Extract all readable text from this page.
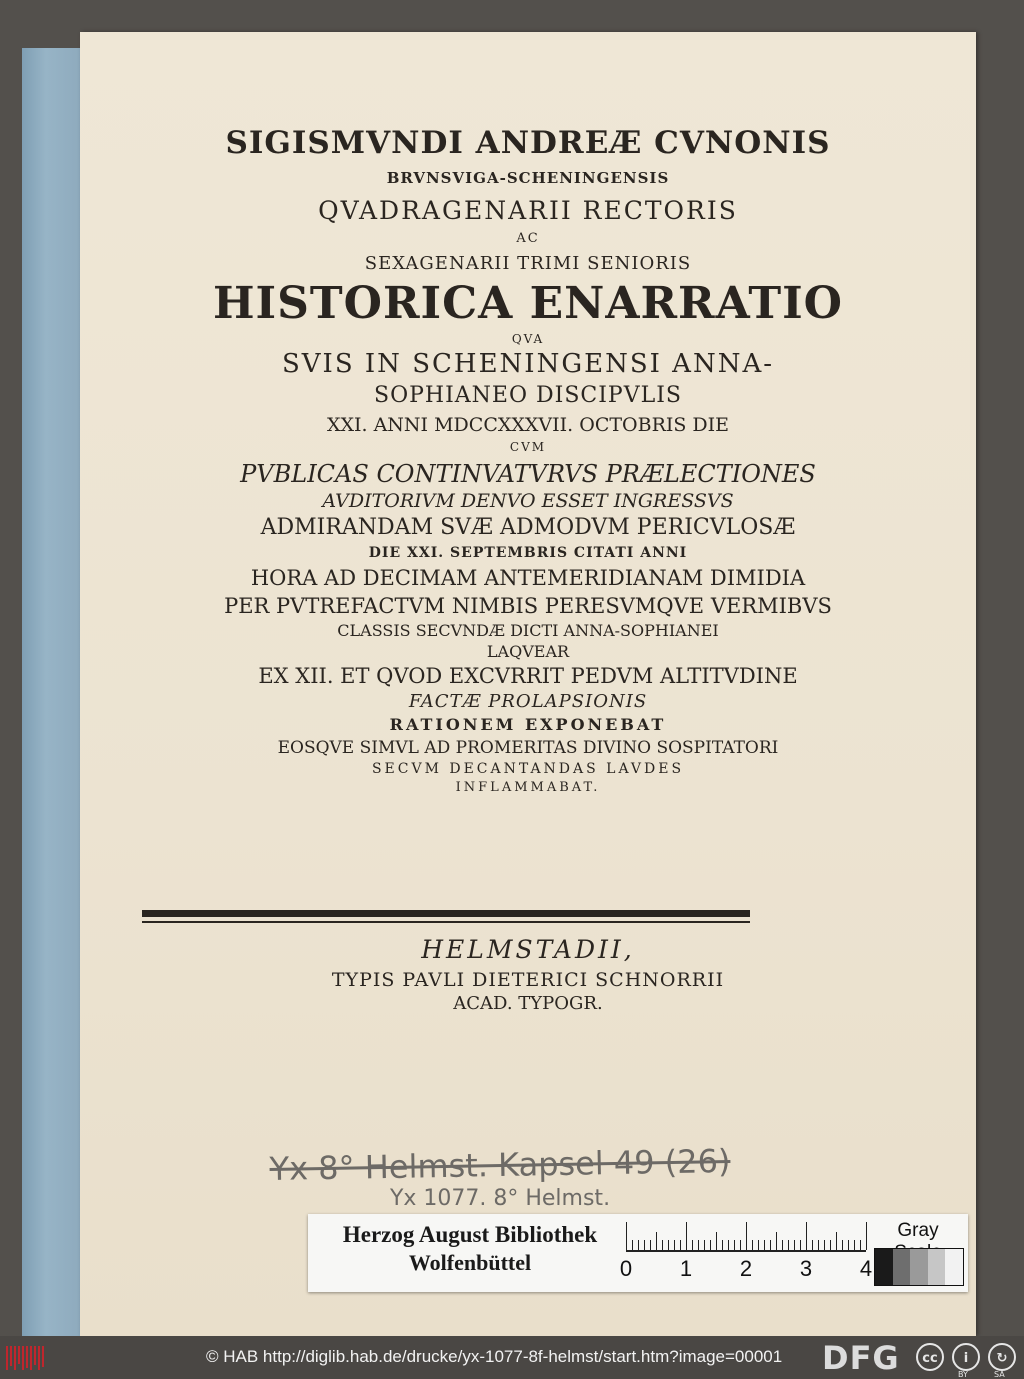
SIGISMVNDI ANDREÆ CVNONIS
BRVNSVIGA-SCHENINGENSIS
QVADRAGENARII RECTORIS
AC
SEXAGENARII TRIMI SENIORIS
HISTORICA ENARRATIO
QVA
SVIS IN SCHENINGENSI ANNA-
SOPHIANEO DISCIPVLIS
XXI. ANNI MDCCXXXVII. OCTOBRIS DIE
CVM
PVBLICAS CONTINVATVRVS PRÆLECTIONES
AVDITORIVM DENVO ESSET INGRESSVS
ADMIRANDAM SVÆ ADMODVM PERICVLOSÆ
DIE XXI. SEPTEMBRIS CITATI ANNI
HORA AD DECIMAM ANTEMERIDIANAM DIMIDIA
PER PVTREFACTVM NIMBIS PERESVMQVE VERMIBVS
CLASSIS SECVNDÆ DICTI ANNA-SOPHIANEI
LAQVEAR
EX XII. ET QVOD EXCVRRIT PEDVM ALTITVDINE
FACTÆ PROLAPSIONIS
RATIONEM EXPONEBAT
EOSQVE SIMVL AD PROMERITAS DIVINO SOSPITATORI
SECVM DECANTANDAS LAVDES
INFLAMMABAT.
HELMSTADII,
TYPIS PAVLI DIETERICI SCHNORRII
ACAD. TYPOGR.
Yx 8° Helmst. Kapsel 49 (26)
Yx 1077. 8° Helmst.
Herzog August Bibliothek
Wolfenbüttel	0 1 2 3 4
Gray
© HAB http://diglib.hab.de/drucke/yx-1077-8f-helmst/start.htm?image=00001 DFG	cc	i
BY
↻
SA
